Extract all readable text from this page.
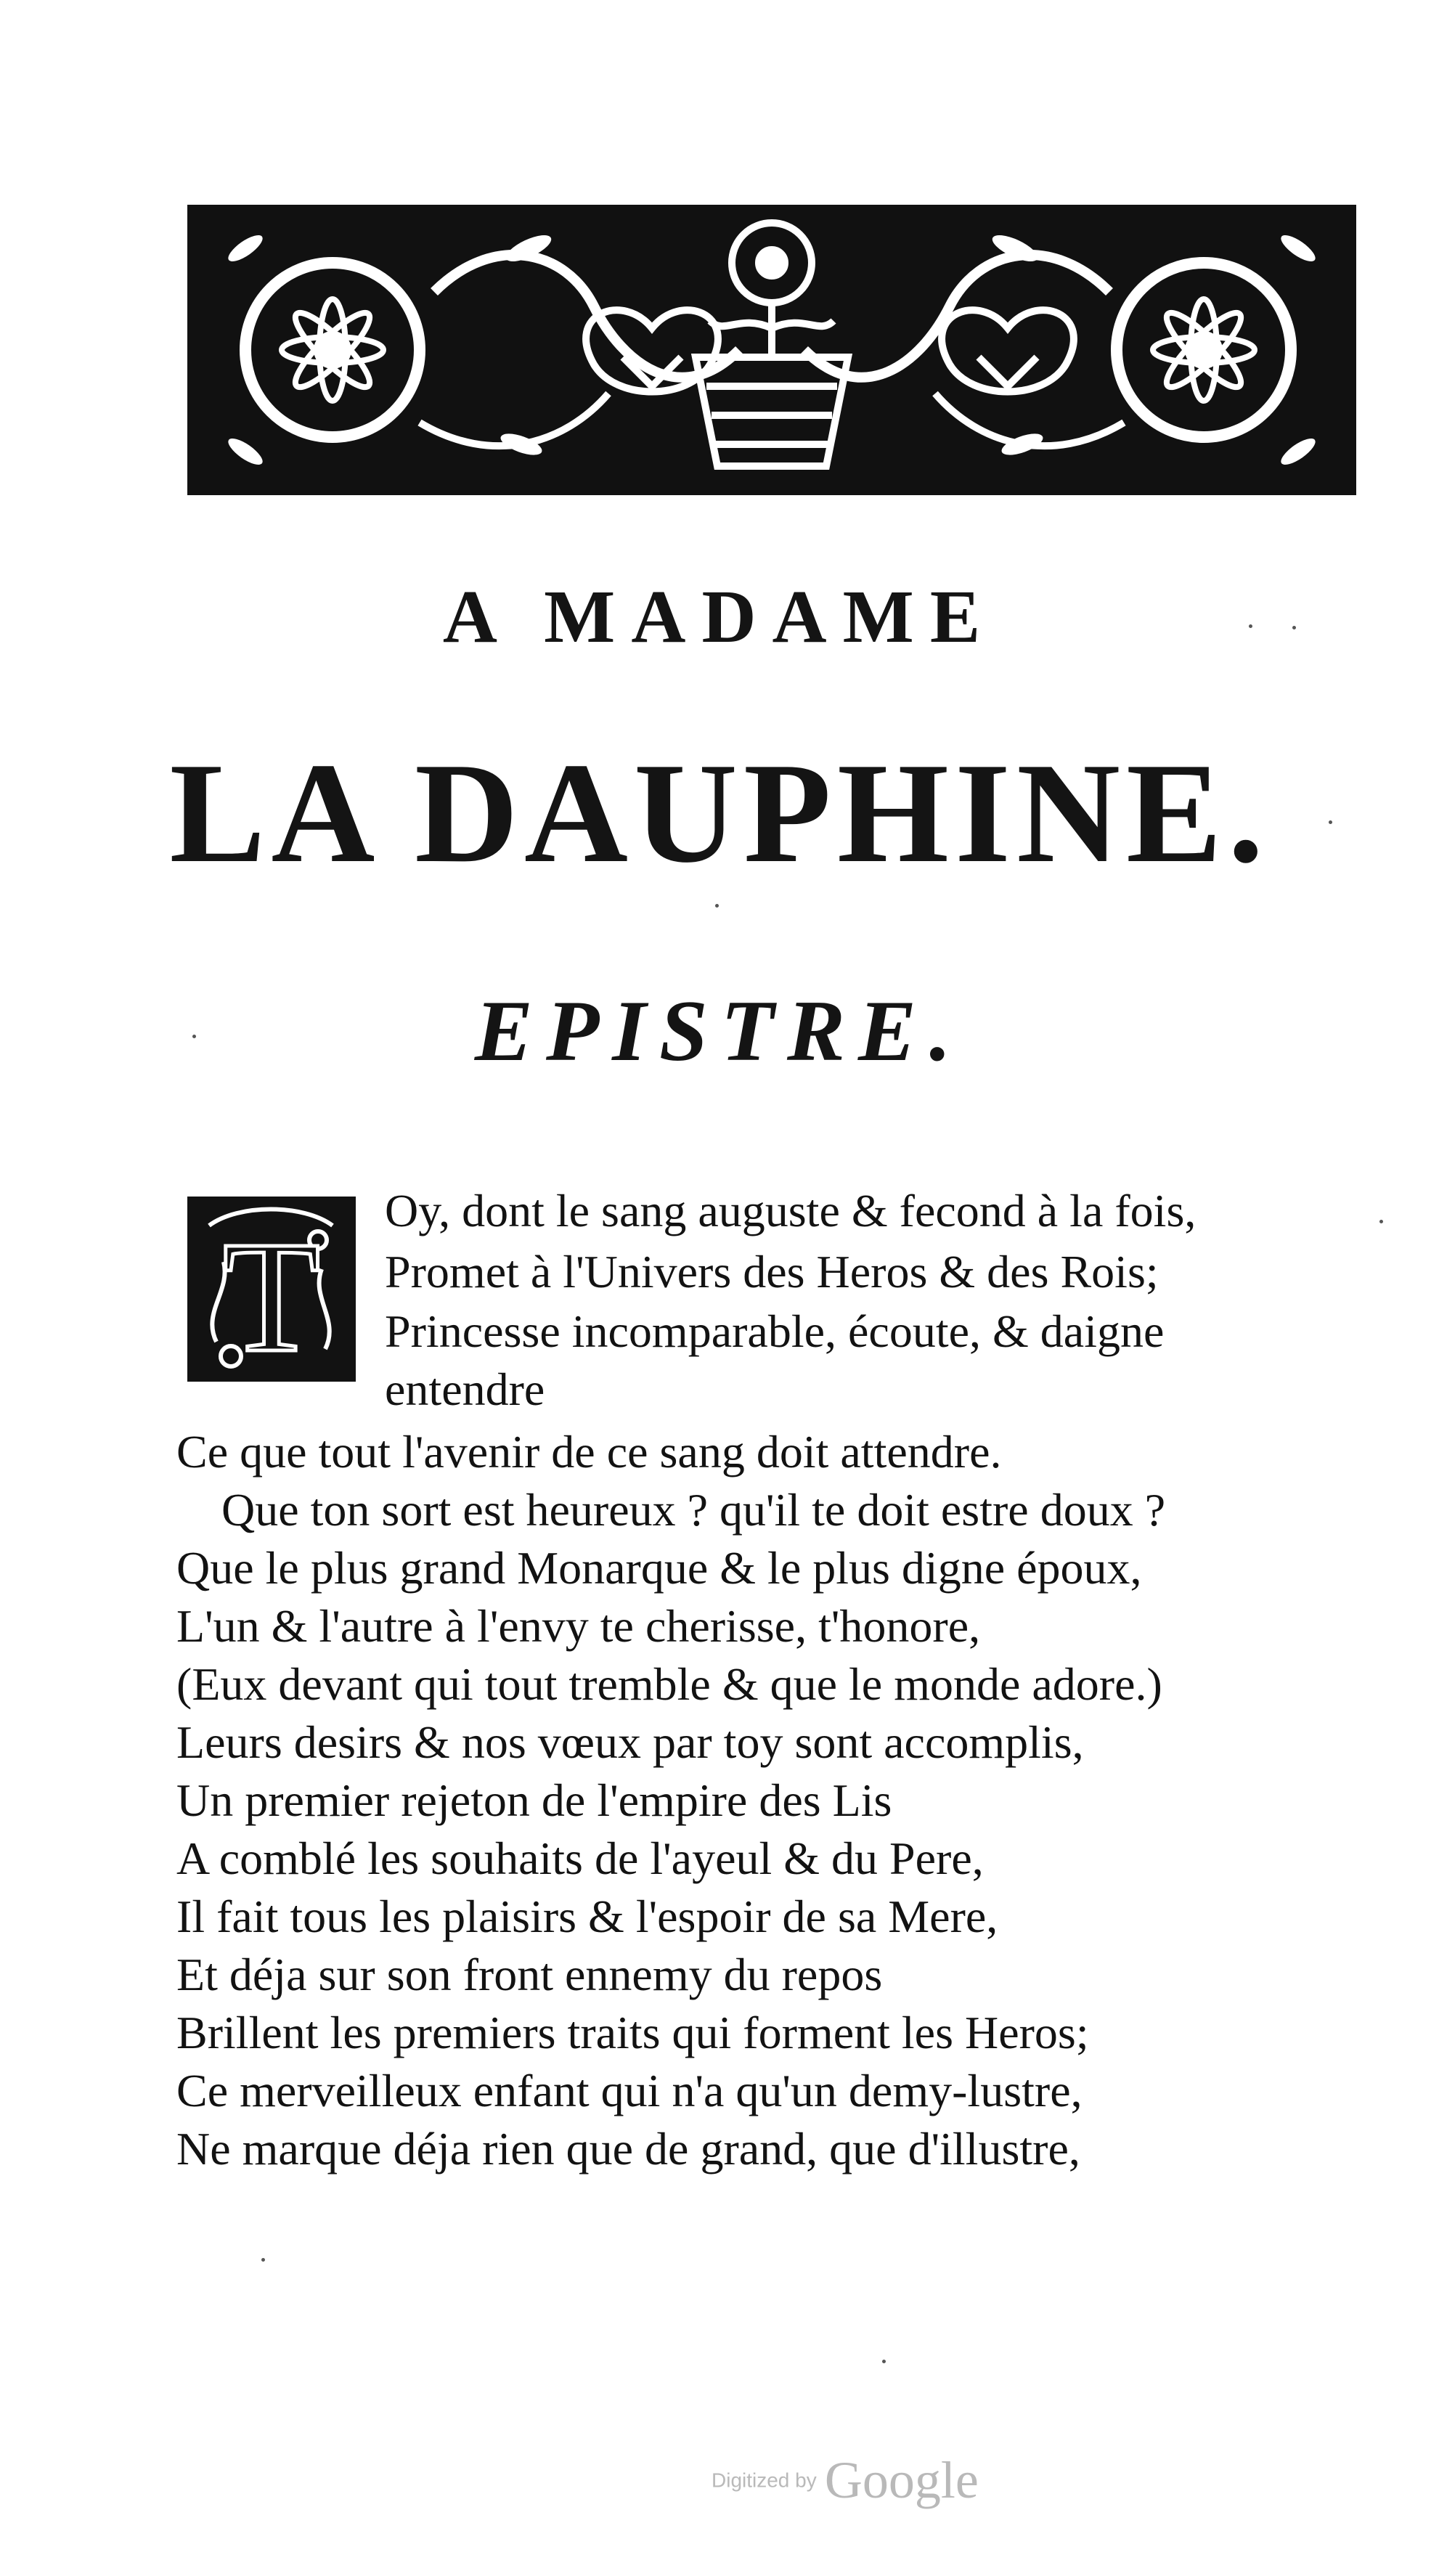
A MADAME
LA DAUPHINE.
EPISTRE.
T Oy, dont le sang auguste & fecond à la fois,
Promet à l'Univers des Heros & des Rois;
Princesse incomparable, écoute, & daigne
entendre
Ce que tout l'avenir de ce sang doit attendre.
Que ton sort est heureux ? qu'il te doit estre doux ?
Que le plus grand Monarque & le plus digne époux,
L'un & l'autre à l'envy te cherisse, t'honore,
(Eux devant qui tout tremble & que le monde adore.)
Leurs desirs & nos vœux par toy sont accomplis,
Un premier rejeton de l'empire des Lis
A comblé les souhaits de l'ayeul & du Pere,
Il fait tous les plaisirs & l'espoir de sa Mere,
Et déja sur son front ennemy du repos
Brillent les premiers traits qui forment les Heros;
Ce merveilleux enfant qui n'a qu'un demy-lustre,
Ne marque déja rien que de grand, que d'illustre,
Digitized by Google
